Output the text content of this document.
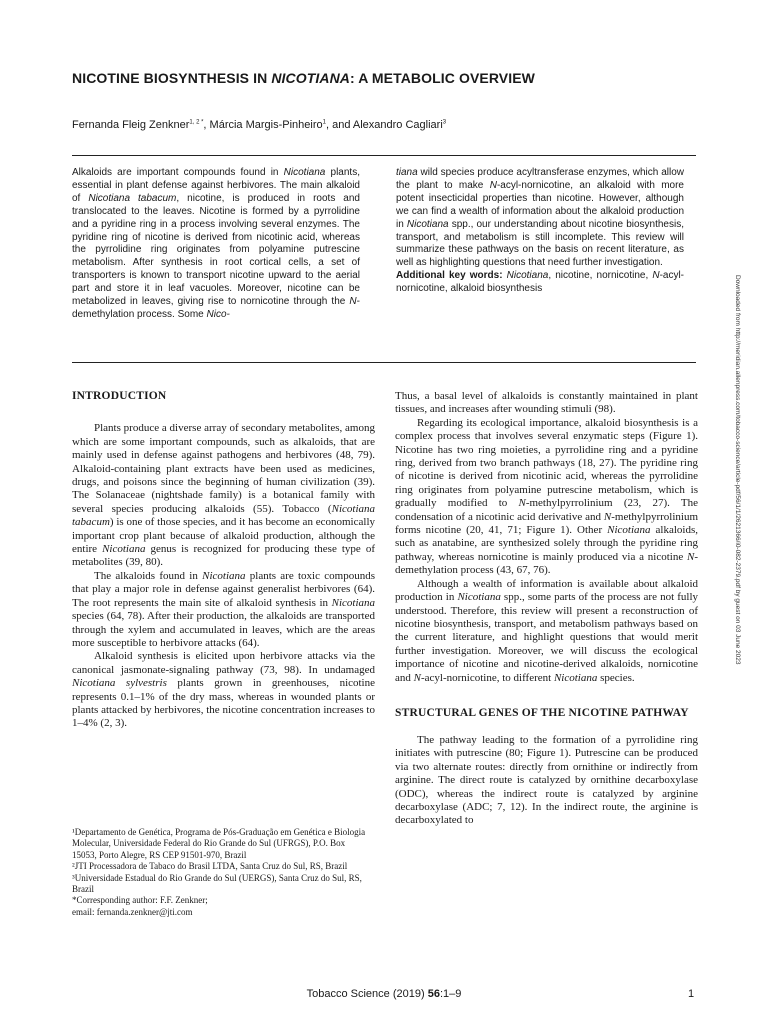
NICOTINE BIOSYNTHESIS IN NICOTIANA: A METABOLIC OVERVIEW
Fernanda Fleig Zenkner$^{1, 2 *}$, Márcia Margis-Pinheiro$^1$, and Alexandro Cagliari$^3$

Alkaloids are important compounds found in Nicotiana plants, essential in plant defense against herbivores. The main alkaloid of Nicotiana tabacum, nicotine, is produced in roots and translocated to the leaves. Nicotine is formed by a pyrrolidine and a pyridine ring in a process involving several enzymes. The pyridine ring of nicotine is derived from nicotinic acid, whereas the pyrrolidine ring originates from polyamine putrescine metabolism. After synthesis in root cortical cells, a set of transporters is known to transport nicotine upward to the aerial part and store it in leaf vacuoles. Moreover, nicotine can be metabolized in leaves, giving rise to nornicotine through the N-demethylation process. Some Nico-

tiana wild species produce acyltransferase enzymes, which allow the plant to make N-acyl-nornicotine, an alkaloid with more potent insecticidal properties than nicotine. However, although we can find a wealth of information about the alkaloid production in Nicotiana spp., our understanding about nicotine biosynthesis, transport, and metabolism is still incomplete. This review will summarize these pathways on the basis on recent literature, as well as highlighting questions that need further investigation.

Additional key words: Nicotiana, nicotine, nornicotine, N-acyl-nornicotine, alkaloid biosynthesis

INTRODUCTION

Plants produce a diverse array of secondary metabolites, among which are some important compounds, such as alkaloids, that are mainly used in defense against pathogens and herbivores (48, 79). Alkaloid-containing plant extracts have been used as medicines, drugs, and poisons since the beginning of human civilization (39). The Solanaceae (nightshade family) is a botanical family with several species producing alkaloids (55). Tobacco (Nicotiana tabacum) is one of those species, and it has become an economically important crop plant because of alkaloid production, although the entire Nicotiana genus is recognized for producing these type of metabolites (39, 80).

The alkaloids found in Nicotiana plants are toxic compounds that play a major role in defense against generalist herbivores (64). The root represents the main site of alkaloid synthesis in Nicotiana species (64, 78). After their production, the alkaloids are transported through the xylem and accumulated in leaves, which are the areas more susceptible to herbivore attacks (64).

Alkaloid synthesis is elicited upon herbivore attacks via the canonical jasmonate-signaling pathway (73, 98). In undamaged Nicotiana sylvestris plants grown in greenhouses, nicotine represents 0.1–1% of the dry mass, whereas in wounded plants or plants attacked by herbivores, the nicotine concentration increases to 1–4% (2, 3).

Thus, a basal level of alkaloids is constantly maintained in plant tissues, and increases after wounding stimuli (98).

Regarding its ecological importance, alkaloid biosynthesis is a complex process that involves several enzymatic steps (Figure 1). Nicotine has two ring moieties, a pyrrolidine ring and a pyridine ring, derived from two branch pathways (18, 27). The pyridine ring of nicotine is derived from nicotinic acid, whereas the pyrrolidine ring originates from polyamine putrescine metabolism, which is gradually modified to N-methylpyrrolinium (23, 27). The condensation of a nicotinic acid derivative and N-methylpyrrolinium forms nicotine (20, 41, 71; Figure 1). Other Nicotiana alkaloids, such as anatabine, are synthesized solely through the pyridine ring pathway, whereas nornicotine is mainly produced via a nicotine N-demethylation process (43, 67, 76).

Although a wealth of information is available about alkaloid production in Nicotiana spp., some parts of the process are not fully understood. Therefore, this review will present a reconstruction of nicotine biosynthesis, transport, and metabolism pathways based on the current literature, and highlight questions that would merit further investigation. Moreover, we will discuss the ecological importance of nicotine and nicotine-derived alkaloids, nornicotine and N-acyl-nornicotine, to different Nicotiana species.

STRUCTURAL GENES OF THE NICOTINE PATHWAY

The pathway leading to the formation of a pyrrolidine ring initiates with putrescine (80; Figure 1). Putrescine can be produced via two alternate routes: directly from ornithine or indirectly from arginine. The direct route is catalyzed by ornithine decarboxylase (ODC), whereas the indirect route is catalyzed by arginine decarboxylase (ADC; 7, 12). In the indirect route, the arginine is decarboxylated to

¹Departamento de Genética, Programa de Pós-Graduação em Genética e Biologia Molecular, Universidade Federal do Rio Grande do Sul (UFRGS), P.O. Box 15053, Porto Alegre, RS CEP 91501-970, Brazil
²JTI Processadora de Tabaco do Brasil LTDA, Santa Cruz do Sul, RS, Brazil
³Universidade Estadual do Rio Grande do Sul (UERGS), Santa Cruz do Sul, RS, Brazil
*Corresponding author: F.F. Zenkner;
email: fernanda.zenkner@jti.com
Tobacco Science (2019) 56:1–9	1
Downloaded from http://meridian.allenpress.com/tobacco-science/article-pdf/56/1/1/2621366/i0-082-2379.pdf by guest on 03 June 2023
